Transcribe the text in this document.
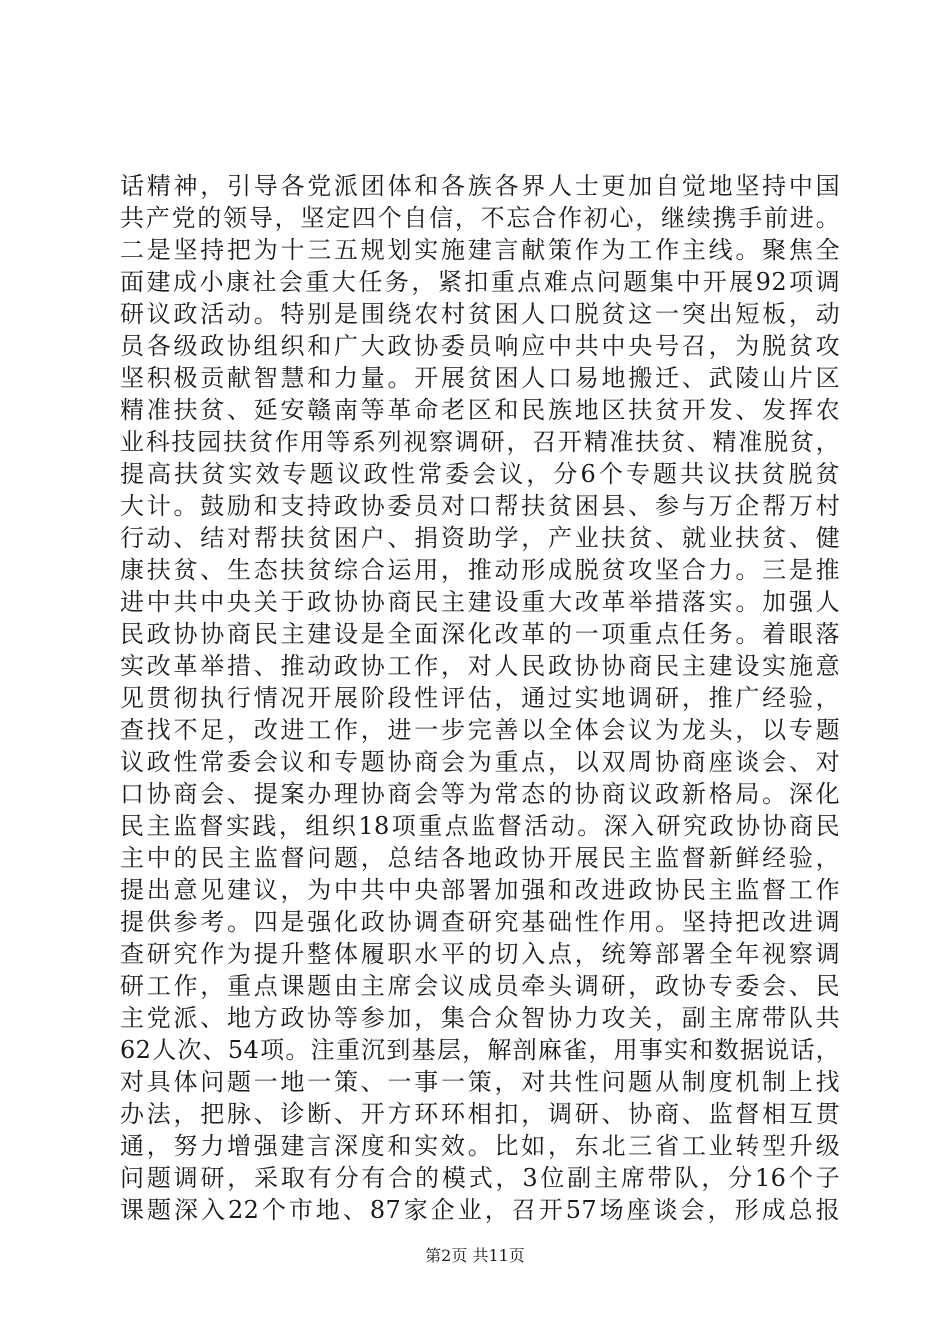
话精神，引导各党派团体和各族各界人士更加自觉地坚持中国
共产党的领导，坚定四个自信，不忘合作初心，继续携手前进。
二是坚持把为十三五规划实施建言献策作为工作主线。聚焦全
面建成小康社会重大任务，紧扣重点难点问题集中开展92项调
研议政活动。特别是围绕农村贫困人口脱贫这一突出短板，动
员各级政协组织和广大政协委员响应中共中央号召，为脱贫攻
坚积极贡献智慧和力量。开展贫困人口易地搬迁、武陵山片区
精准扶贫、延安赣南等革命老区和民族地区扶贫开发、发挥农
业科技园扶贫作用等系列视察调研，召开精准扶贫、精准脱贫，
提高扶贫实效专题议政性常委会议，分6个专题共议扶贫脱贫
大计。鼓励和支持政协委员对口帮扶贫困县、参与万企帮万村
行动、结对帮扶贫困户、捐资助学，产业扶贫、就业扶贫、健
康扶贫、生态扶贫综合运用，推动形成脱贫攻坚合力。三是推
进中共中央关于政协协商民主建设重大改革举措落实。加强人
民政协协商民主建设是全面深化改革的一项重点任务。着眼落
实改革举措、推动政协工作，对人民政协协商民主建设实施意
见贯彻执行情况开展阶段性评估，通过实地调研，推广经验，
查找不足，改进工作，进一步完善以全体会议为龙头，以专题
议政性常委会议和专题协商会为重点，以双周协商座谈会、对
口协商会、提案办理协商会等为常态的协商议政新格局。深化
民主监督实践，组织18项重点监督活动。深入研究政协协商民
主中的民主监督问题，总结各地政协开展民主监督新鲜经验，
提出意见建议，为中共中央部署加强和改进政协民主监督工作
提供参考。四是强化政协调查研究基础性作用。坚持把改进调
查研究作为提升整体履职水平的切入点，统筹部署全年视察调
研工作，重点课题由主席会议成员牵头调研，政协专委会、民
主党派、地方政协等参加，集合众智协力攻关，副主席带队共
62人次、54项。注重沉到基层，解剖麻雀，用事实和数据说话，
对具体问题一地一策、一事一策，对共性问题从制度机制上找
办法，把脉、诊断、开方环环相扣，调研、协商、监督相互贯
通，努力增强建言深度和实效。比如，东北三省工业转型升级
问题调研，采取有分有合的模式，3位副主席带队，分16个子
课题深入22个市地、87家企业，召开57场座谈会，形成总报
第2页 共11页
